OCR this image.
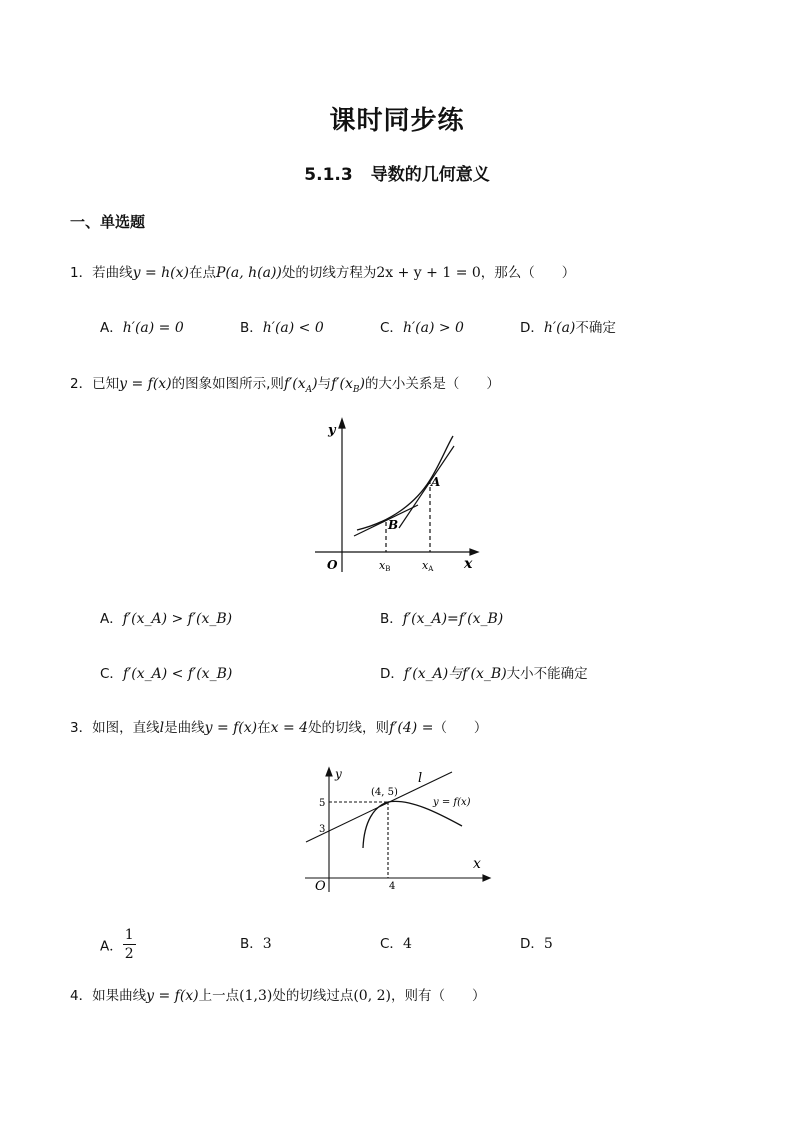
课时同步练
5.1.3 导数的几何意义
一、单选题
1．若曲线y = h(x)在点P(a, h(a))处的切线方程为2x + y + 1 = 0，那么（　　）
A．h′(a) = 0	B．h′(a) < 0	C．h′(a) > 0	D．h′(a)不确定
2．已知y = f(x)的图象如图所示,则$f'(x_A)$与$f'(x_B)$的大小关系是（　　）
y
x
O
A
B
xB	xA
A．f′(x_A) > f′(x_B)	B．f′(x_A)=f′(x_B)
C．f′(x_A) < f′(x_B)	D．f′(x_A)与f′(x_B)大小不能确定
3．如图，直线l是曲线y = f(x)在x = 4处的切线，则f′(4) =（　　）
y
x
O
l
(4, 5)
y = f(x)
5
3
4
A． $\frac{1}{2}$	B．3	C．4	D．5
4．如果曲线y = f(x)上一点(1,3)处的切线过点(0, 2)，则有（　　）
